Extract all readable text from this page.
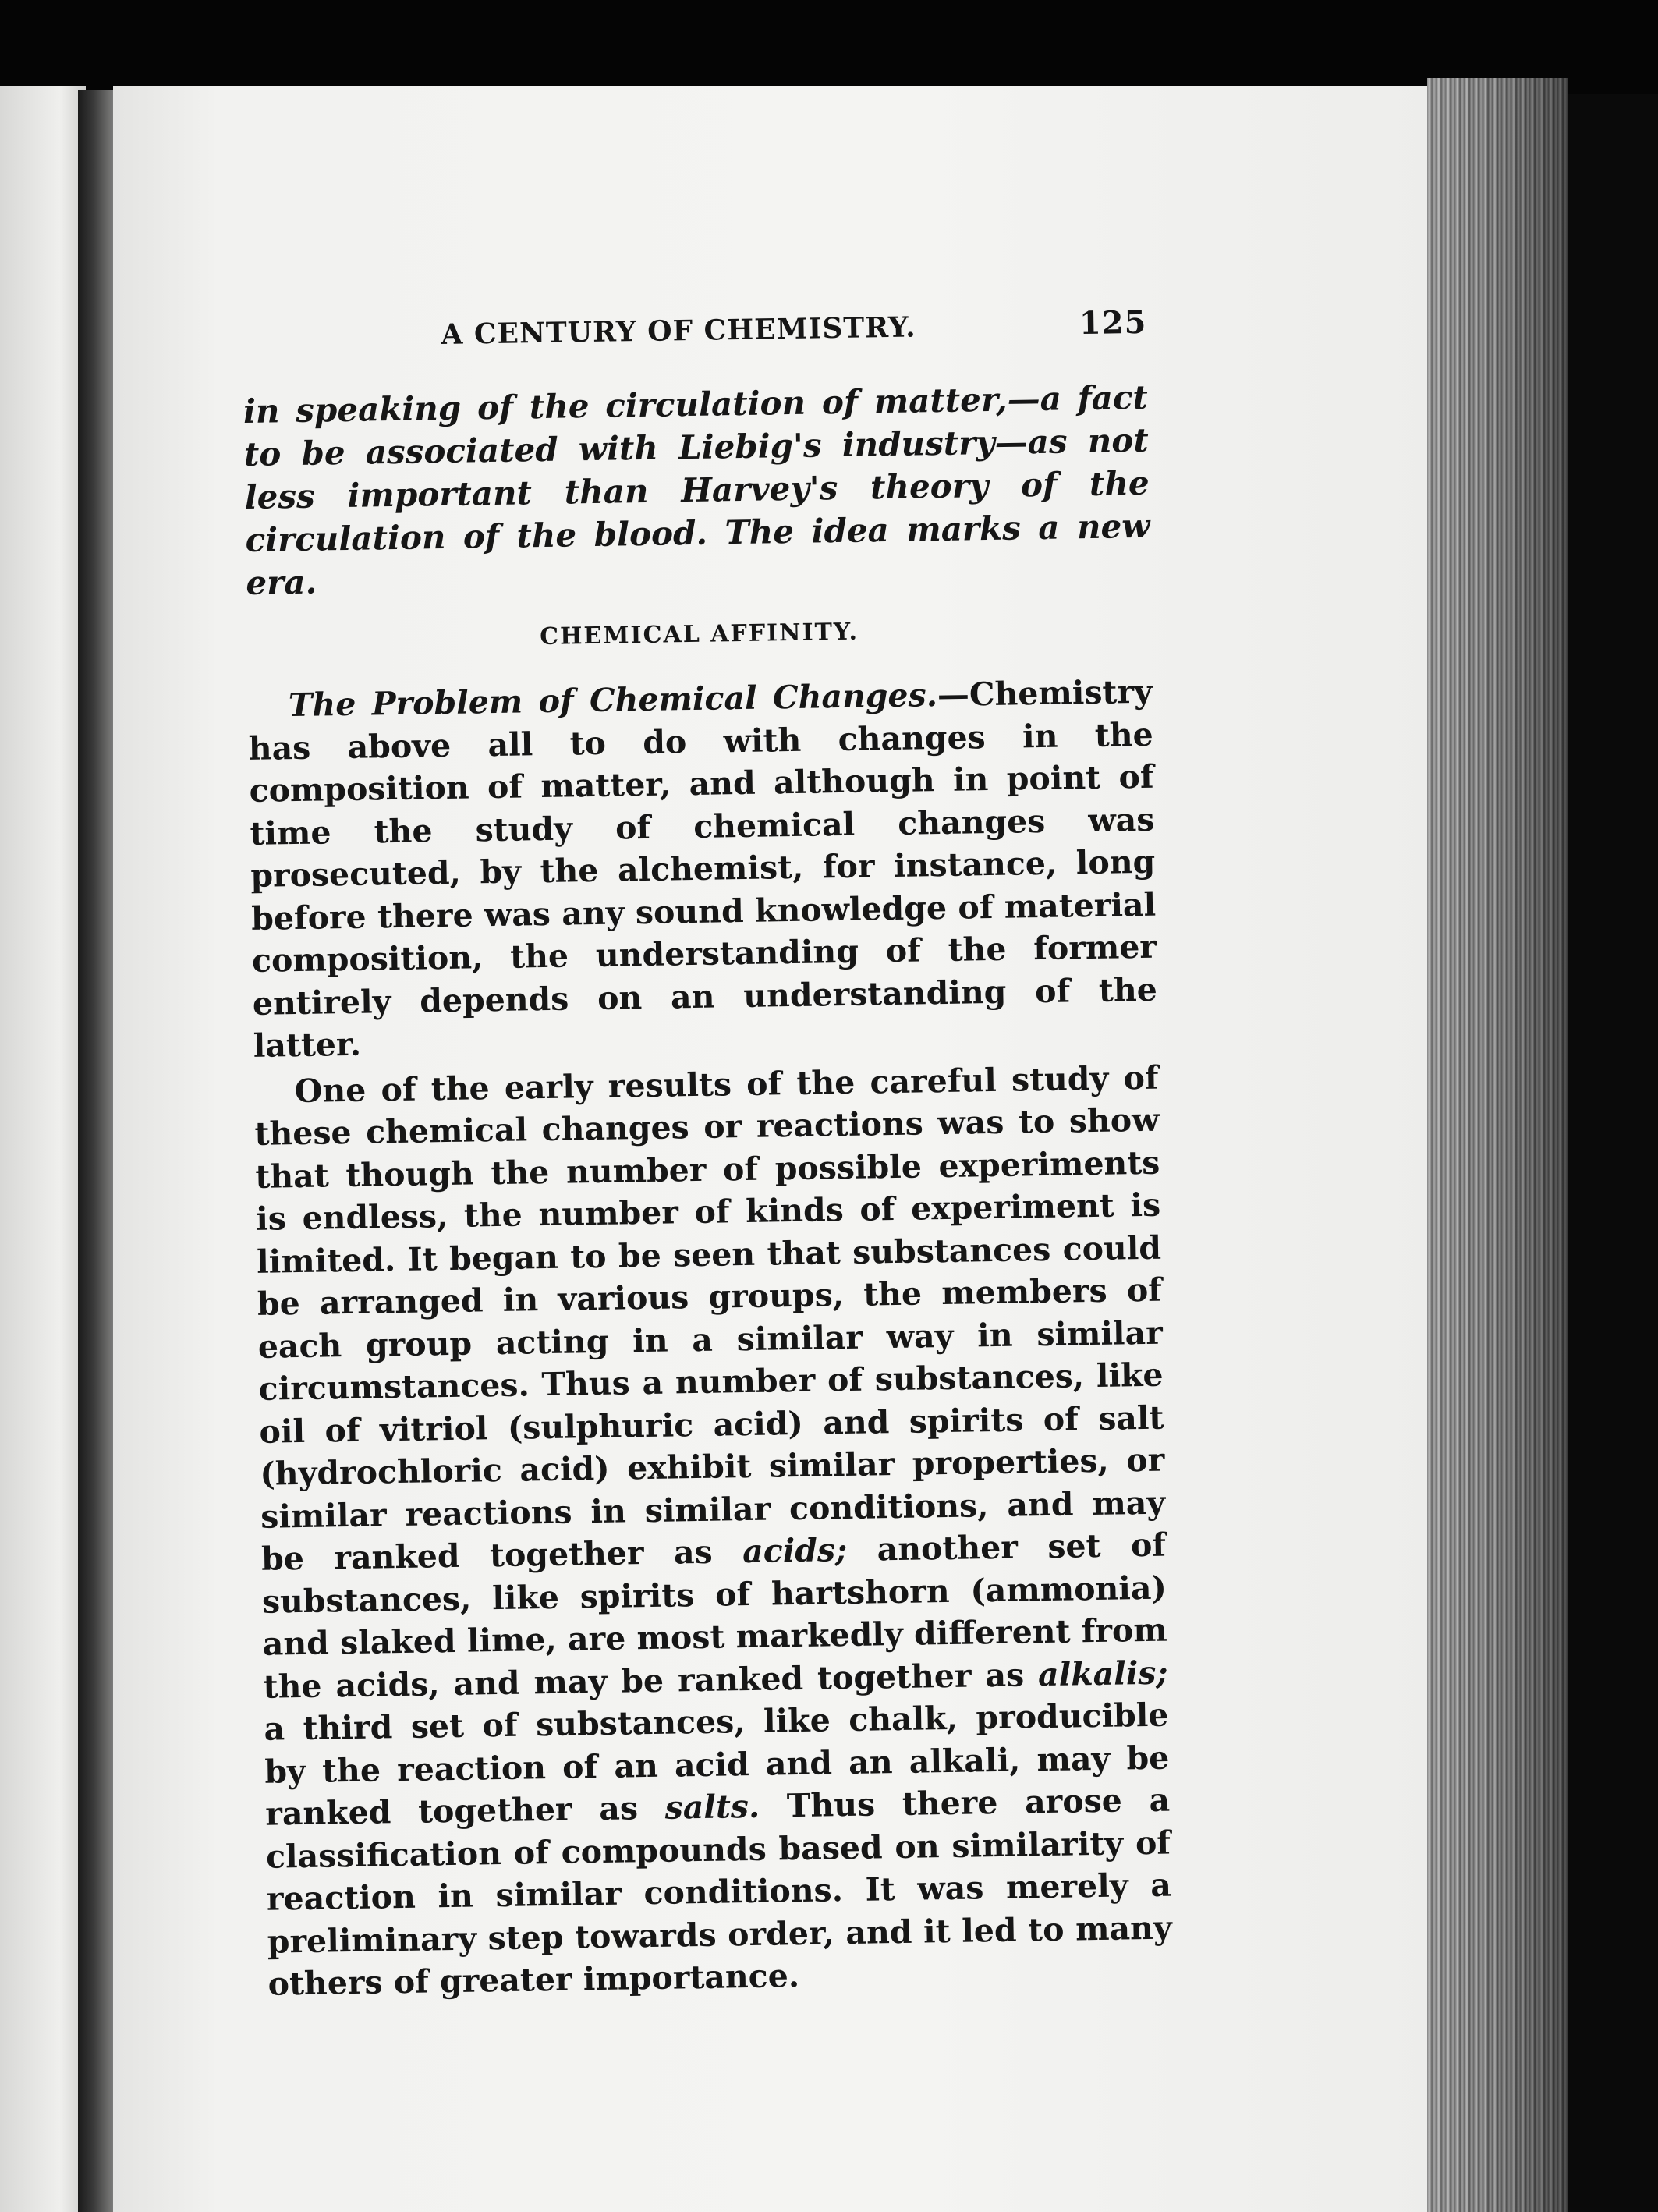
A CENTURY OF CHEMISTRY.	125

in speaking of the circulation of matter,—a fact to be associated with Liebig's industry—as not less important than Harvey's theory of the circulation of the blood. The idea marks a new era.

CHEMICAL AFFINITY.

The Problem of Chemical Changes.—Chemistry has above all to do with changes in the composition of matter, and although in point of time the study of chemical changes was prosecuted, by the alchemist, for instance, long before there was any sound knowledge of material composition, the understanding of the former entirely depends on an understanding of the latter.

One of the early results of the careful study of these chemical changes or reactions was to show that though the number of possible experiments is endless, the number of kinds of experiment is limited. It began to be seen that substances could be arranged in various groups, the members of each group acting in a similar way in similar circumstances. Thus a number of substances, like oil of vitriol (sulphuric acid) and spirits of salt (hydrochloric acid) exhibit similar properties, or similar reactions in similar conditions, and may be ranked together as acids; another set of substances, like spirits of hartshorn (ammonia) and slaked lime, are most markedly different from the acids, and may be ranked together as alkalis; a third set of substances, like chalk, producible by the reaction of an acid and an alkali, may be ranked together as salts. Thus there arose a classification of compounds based on similarity of reaction in similar conditions. It was merely a preliminary step towards order, and it led to many others of greater importance.
